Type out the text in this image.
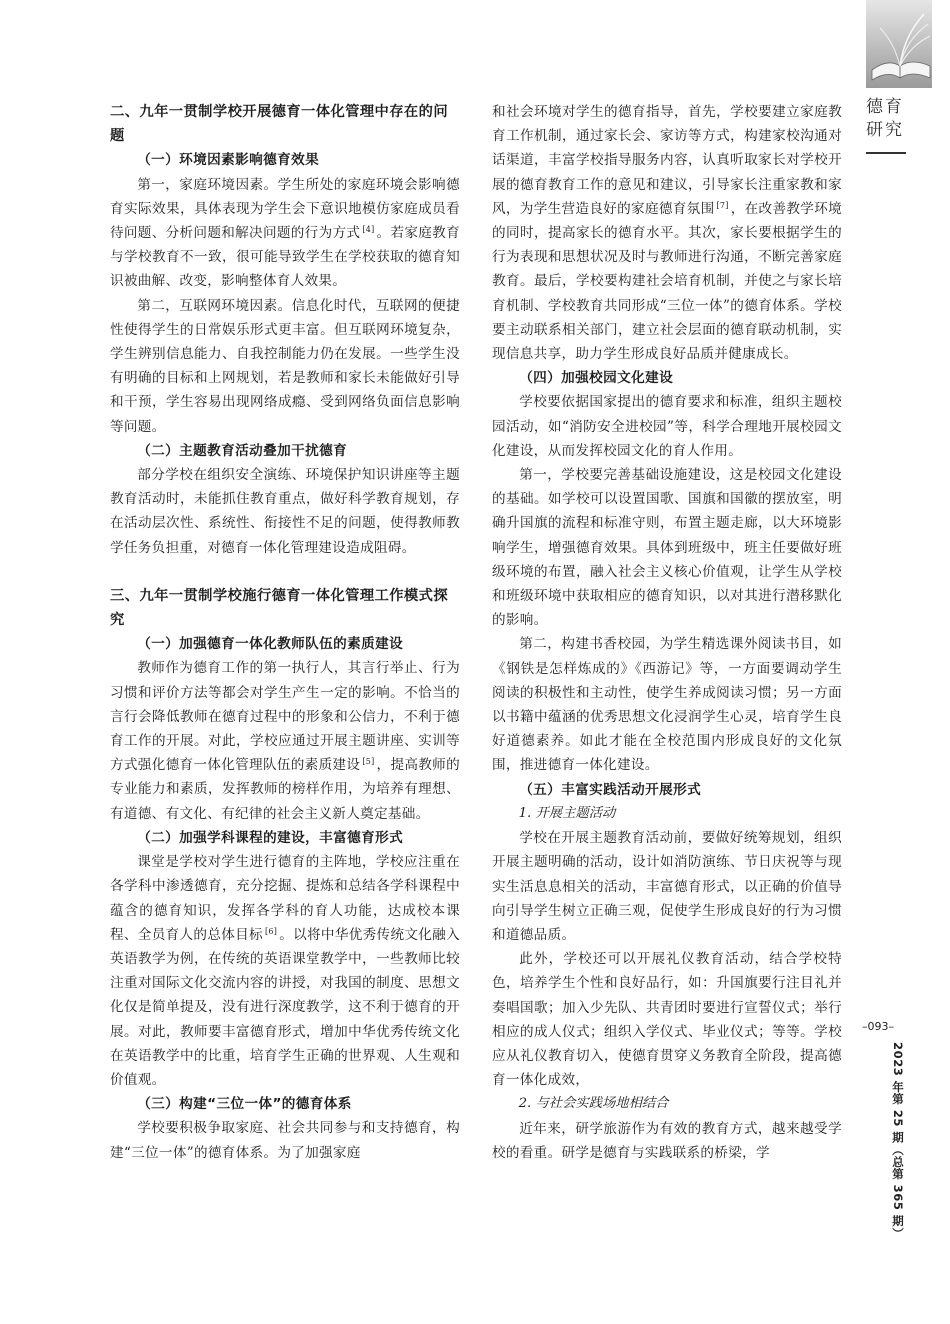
德育
研究
二、九年一贯制学校开展德育一体化管理中存在的问题
（一）环境因素影响德育效果

第一，家庭环境因素。学生所处的家庭环境会影响德育实际效果，具体表现为学生会下意识地模仿家庭成员看待问题、分析问题和解决问题的行为方式 [4] 。若家庭教育与学校教育不一致，很可能导致学生在学校获取的德育知识被曲解、改变，影响整体育人效果。

第二，互联网环境因素。信息化时代，互联网的便捷性使得学生的日常娱乐形式更丰富。但互联网环境复杂，学生辨别信息能力、自我控制能力仍在发展。一些学生没有明确的目标和上网规划，若是教师和家长未能做好引导和干预，学生容易出现网络成瘾、受到网络负面信息影响等问题。

（二）主题教育活动叠加干扰德育

部分学校在组织安全演练、环境保护知识讲座等主题教育活动时，未能抓住教育重点，做好科学教育规划，存在活动层次性、系统性、衔接性不足的问题，使得教师教学任务负担重，对德育一体化管理建设造成阻碍。

三、九年一贯制学校施行德育一体化管理工作模式探究
（一）加强德育一体化教师队伍的素质建设

教师作为德育工作的第一执行人，其言行举止、行为习惯和评价方法等都会对学生产生一定的影响。不恰当的言行会降低教师在德育过程中的形象和公信力，不利于德育工作的开展。对此，学校应通过开展主题讲座、实训等方式强化德育一体化管理队伍的素质建设 [5] ，提高教师的专业能力和素质，发挥教师的榜样作用，为培养有理想、有道德、有文化、有纪律的社会主义新人奠定基础。

（二）加强学科课程的建设，丰富德育形式

课堂是学校对学生进行德育的主阵地，学校应注重在各学科中渗透德育，充分挖掘、提炼和总结各学科课程中蕴含的德育知识，发挥各学科的育人功能，达成校本课程、全员育人的总体目标 [6] 。以将中华优秀传统文化融入英语教学为例，在传统的英语课堂教学中，一些教师比较注重对国际文化交流内容的讲授，对我国的制度、思想文化仅是简单提及，没有进行深度教学，这不利于德育的开展。对此，教师要丰富德育形式，增加中华优秀传统文化在英语教学中的比重，培育学生正确的世界观、人生观和价值观。

（三）构建“三位一体”的德育体系

学校要积极争取家庭、社会共同参与和支持德育，构建“三位一体”的德育体系。为了加强家庭

和社会环境对学生的德育指导，首先，学校要建立家庭教育工作机制，通过家长会、家访等方式，构建家校沟通对话渠道，丰富学校指导服务内容，认真听取家长对学校开展的德育教育工作的意见和建议，引导家长注重家教和家风，为学生营造良好的家庭德育氛围 [7] ，在改善教学环境的同时，提高家长的德育水平。其次，家长要根据学生的行为表现和思想状况及时与教师进行沟通，不断完善家庭教育。最后，学校要构建社会培育机制，并使之与家长培育机制、学校教育共同形成“三位一体”的德育体系。学校要主动联系相关部门，建立社会层面的德育联动机制，实现信息共享，助力学生形成良好品质并健康成长。

（四）加强校园文化建设

学校要依据国家提出的德育要求和标准，组织主题校园活动，如“消防安全进校园”等，科学合理地开展校园文化建设，从而发挥校园文化的育人作用。

第一，学校要完善基础设施建设，这是校园文化建设的基础。如学校可以设置国歌、国旗和国徽的摆放室，明确升国旗的流程和标准守则，布置主题走廊，以大环境影响学生，增强德育效果。具体到班级中，班主任要做好班级环境的布置，融入社会主义核心价值观，让学生从学校和班级环境中获取相应的德育知识，以对其进行潜移默化的影响。

第二，构建书香校园，为学生精选课外阅读书目，如《钢铁是怎样炼成的》《西游记》等，一方面要调动学生阅读的积极性和主动性，使学生养成阅读习惯；另一方面以书籍中蕴涵的优秀思想文化浸润学生心灵，培育学生良好道德素养。如此才能在全校范围内形成良好的文化氛围，推进德育一体化建设。

（五）丰富实践活动开展形式
1. 开展主题活动

学校在开展主题教育活动前，要做好统筹规划，组织开展主题明确的活动，设计如消防演练、节日庆祝等与现实生活息息相关的活动，丰富德育形式，以正确的价值导向引导学生树立正确三观，促使学生形成良好的行为习惯和道德品质。

此外，学校还可以开展礼仪教育活动，结合学校特色，培养学生个性和良好品行，如：升国旗要行注目礼并奏唱国歌；加入少先队、共青团时要进行宣誓仪式；举行相应的成人仪式；组织入学仪式、毕业仪式；等等。学校应从礼仪教育切入，使德育贯穿义务教育全阶段，提高德育一体化成效，

2. 与社会实践场地相结合

近年来，研学旅游作为有效的教育方式，越来越受学校的看重。研学是德育与实践联系的桥梁，学

–093–
2023 年第 25 期（总第 365 期）
